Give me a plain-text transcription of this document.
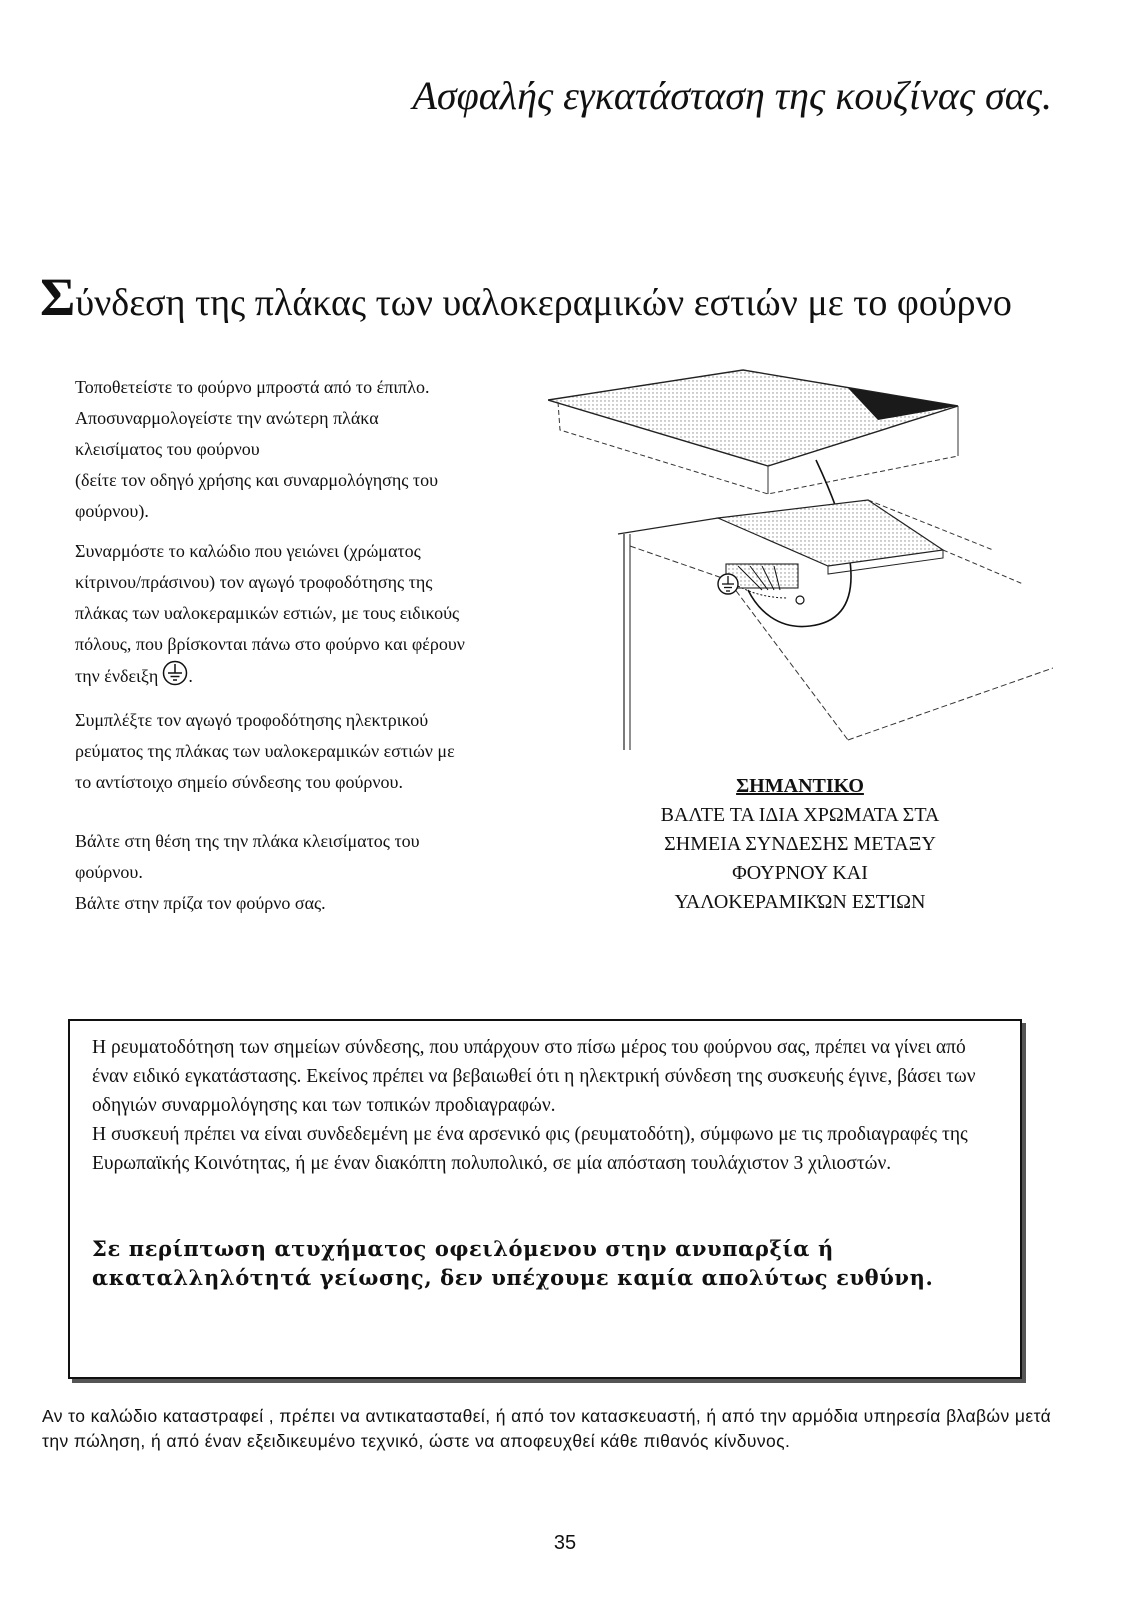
Ασφαλής εγκατάσταση της κουζίνας σας.
Σύνδεση της πλάκας των υαλοκεραμικών εστιών με το φούρνο

Τοποθετείστε το φούρνο μπροστά από το έπιπλο.

Αποσυναρμολογείστε την ανώτερη πλάκα

κλεισίματος του φούρνου

(δείτε τον οδηγό χρήσης και συναρμολόγησης του

φούρνου).

Συναρμόστε το καλώδιο που γειώνει (χρώματος

κίτρινου/πράσινου) τον αγωγό τροφοδότησης της

πλάκας των υαλοκεραμικών εστιών, με τους ειδικούς

πόλους, που βρίσκονται πάνω στο φούρνο και φέρουν

την ένδειξη .

Συμπλέξτε τον αγωγό τροφοδότησης ηλεκτρικού

ρεύματος της πλάκας των υαλοκεραμικών εστιών με

το αντίστοιχο σημείο σύνδεσης του φούρνου.

Βάλτε στη θέση της την πλάκα κλεισίματος του

φούρνου.

Βάλτε στην πρίζα τον φούρνο σας.

ΣΗΜΑΝΤΙΚΟ

ΒΑΛΤΕ ΤΑ ΙΔΙΑ ΧΡΩΜΑΤΑ ΣΤΑ

ΣΗΜΕΙΑ ΣΥΝΔΕΣΗΣ ΜΕΤΑΞΥ

ΦΟΥΡΝΟΥ ΚΑΙ

ΥΑΛΟΚΕΡΑΜΙΚΏΝ ΕΣΤΊΩΝ

Η ρευματοδότηση των σημείων σύνδεσης, που υπάρχουν στο πίσω μέρος του φούρνου σας, πρέπει να γίνει από έναν ειδικό εγκατάστασης. Εκείνος πρέπει να βεβαιωθεί ότι η ηλεκτρική σύνδεση της συσκευής έγινε, βάσει των οδηγιών συναρμολόγησης και των τοπικών προδιαγραφών.

Η συσκευή πρέπει να είναι συνδεδεμένη με ένα αρσενικό φις (ρευματοδότη), σύμφωνο με τις προδιαγραφές της Ευρωπαϊκής Κοινότητας, ή με έναν διακόπτη πολυπολικό, σε μία απόσταση τουλάχιστον 3 χιλιοστών.

Σε περίπτωση ατυχήματος οφειλόμενου στην ανυπαρξία ή ακαταλληλότητά γείωσης, δεν υπέχουμε καμία απολύτως ευθύνη.

Αν το καλώδιο καταστραφεί , πρέπει να αντικατασταθεί, ή από τον κατασκευαστή, ή από την αρμόδια υπηρεσία βλαβών μετά την πώληση, ή από έναν εξειδικευμένο τεχνικό, ώστε να αποφευχθεί κάθε πιθανός κίνδυνος.

35
